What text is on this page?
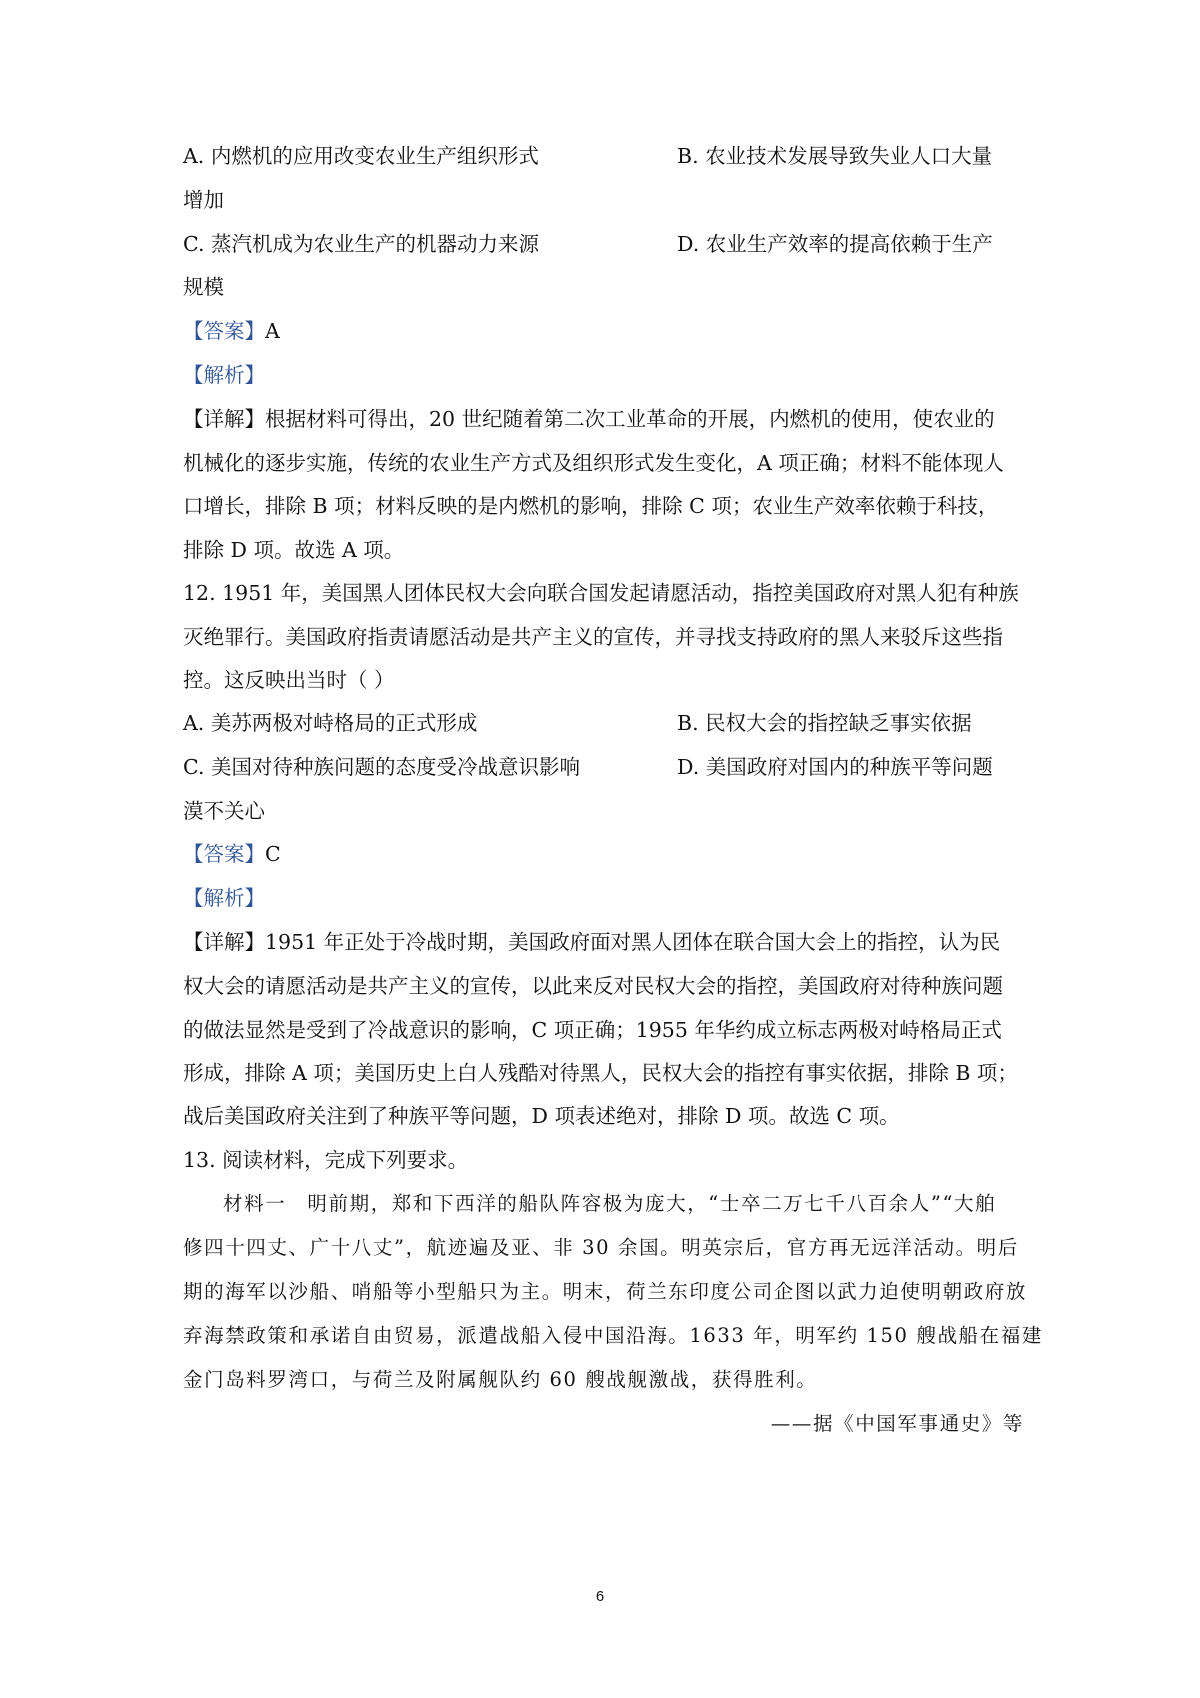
A. 内燃机的应用改变农业生产组织形式	B. 农业技术发展导致失业人口大量
增加
C. 蒸汽机成为农业生产的机器动力来源	D. 农业生产效率的提高依赖于生产
规模
【答案】A
【解析】
【详解】根据材料可得出，20 世纪随着第二次工业革命的开展，内燃机的使用，使农业的
机械化的逐步实施，传统的农业生产方式及组织形式发生变化，A 项正确；材料不能体现人
口增长，排除 B 项；材料反映的是内燃机的影响，排除 C 项；农业生产效率依赖于科技，
排除 D 项。故选 A 项。
12. 1951 年，美国黑人团体民权大会向联合国发起请愿活动，指控美国政府对黑人犯有种族
灭绝罪行。美国政府指责请愿活动是共产主义的宣传，并寻找支持政府的黑人来驳斥这些指
控。这反映出当时（ ）
A. 美苏两极对峙格局的正式形成	B. 民权大会的指控缺乏事实依据
C. 美国对待种族问题的态度受冷战意识影响	D. 美国政府对国内的种族平等问题
漠不关心
【答案】C
【解析】
【详解】1951 年正处于冷战时期，美国政府面对黑人团体在联合国大会上的指控，认为民
权大会的请愿活动是共产主义的宣传，以此来反对民权大会的指控，美国政府对待种族问题
的做法显然是受到了冷战意识的影响，C 项正确；1955 年华约成立标志两极对峙格局正式
形成，排除 A 项；美国历史上白人残酷对待黑人，民权大会的指控有事实依据，排除 B 项；
战后美国政府关注到了种族平等问题，D 项表述绝对，排除 D 项。故选 C 项。
13. 阅读材料，完成下列要求。
材料一　明前期，郑和下西洋的船队阵容极为庞大，“士卒二万七千八百余人”“大舶
修四十四丈、广十八丈”，航迹遍及亚、非 30 余国。明英宗后，官方再无远洋活动。明后
期的海军以沙船、哨船等小型船只为主。明末，荷兰东印度公司企图以武力迫使明朝政府放
弃海禁政策和承诺自由贸易，派遣战船入侵中国沿海。1633 年，明军约 150 艘战船在福建
金门岛料罗湾口，与荷兰及附属舰队约 60 艘战舰激战，获得胜利。
——据《中国军事通史》等
6
